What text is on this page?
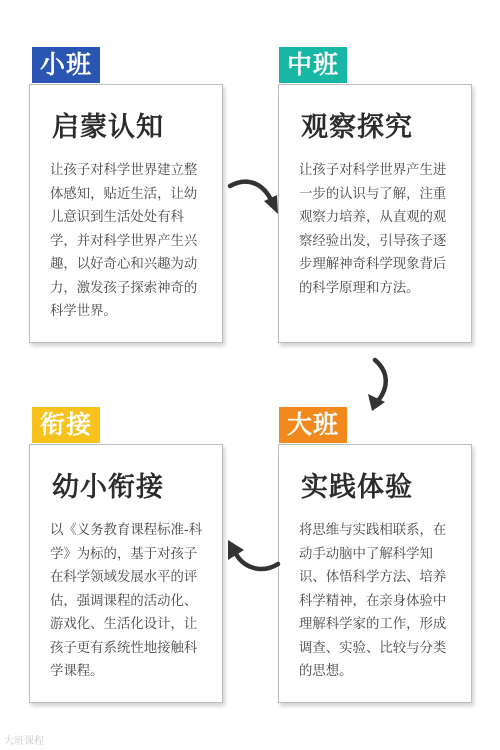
小班
启蒙认知
让孩子对科学世界建立整体感知，贴近生活，让幼儿意识到生活处处有科学，并对科学世界产生兴趣，以好奇心和兴趣为动力，激发孩子探索神奇的科学世界。
中班
观察探究
让孩子对科学世界产生进一步的认识与了解，注重观察力培养，从直观的观察经验出发，引导孩子逐步理解神奇科学现象背后的科学原理和方法。
衔接
幼小衔接
以《义务教育课程标准-科学》为标的，基于对孩子在科学领域发展水平的评估，强调课程的活动化、游戏化、生活化设计，让孩子更有系统性地接触科学课程。
大班
实践体验
将思维与实践相联系，在动手动脑中了解科学知识、体悟科学方法、培养科学精神，在亲身体验中理解科学家的工作，形成调查、实验、比较与分类的思想。
大班课程
